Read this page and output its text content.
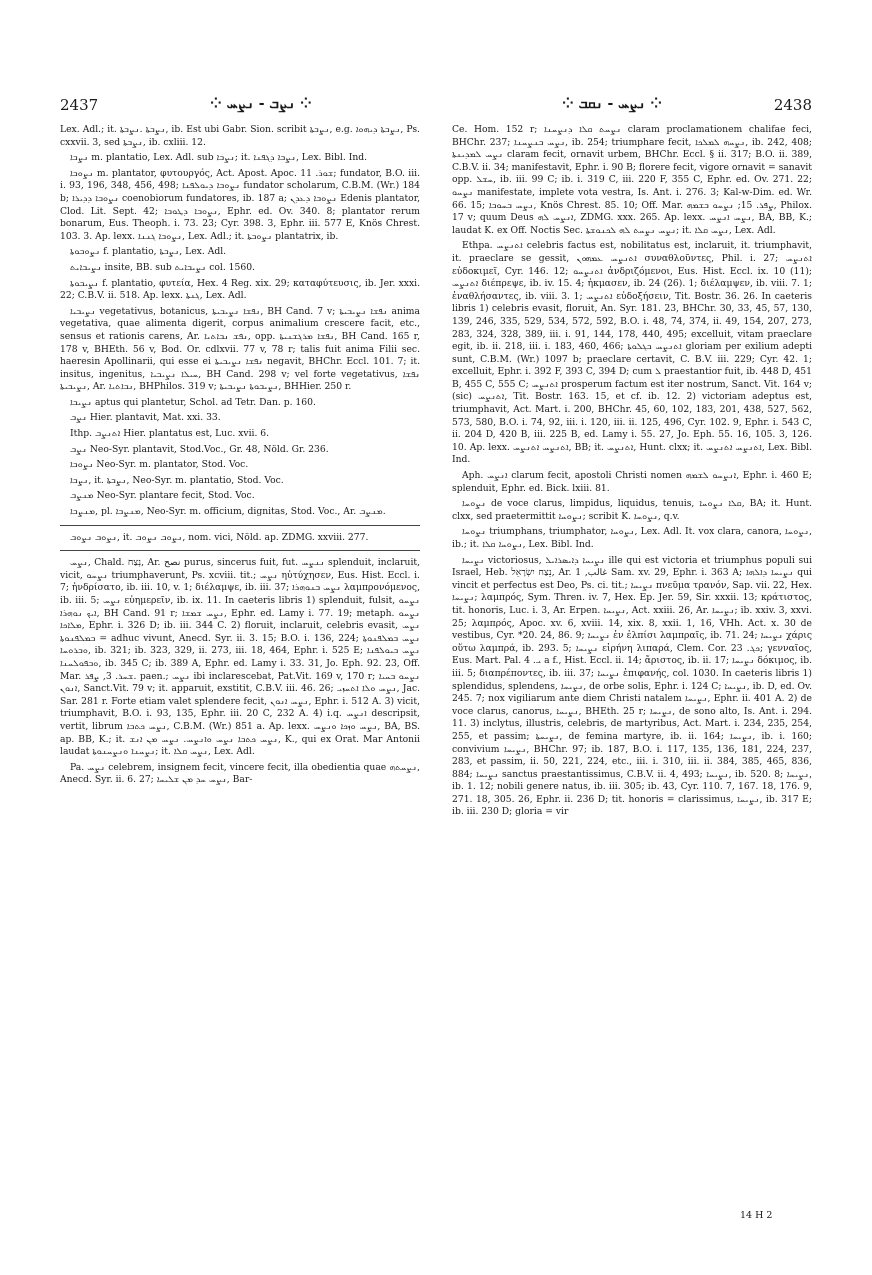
2437	⁘ ܢܨܒ - ܢܨܚ ⁘	⁘ ܢܨܚ - ܢܩܒ ⁘	2438

Lex. Adl.; it. ܢܨܒܬܐ .ܢܨܒܬܐ, ib. Est ubi Gabr. Sion. scribit ܢܨܒܬܐ, e.g. ܢܨܒܬܐ ܕܝܗܘܐ, Ps. cxxvii. 3, sed ܢܨܒܬܐ, ib. cxliii. 12.

ܢܨܒܐ m. plantatio, Lex. Adl. sub ܢܨܒܐ; it. ܢܨܒܐ ܕܓܦܢܐ, Lex. Bibl. Ind.

ܢܨܘܒܐ m. plantator, φυτουργός, Act. Apost. Apoc. ܫܘܪ. 11; fundator, B.O. iii. i. 93, 196, 348, 456, 498; ܢܨܘܒܐ ܕܝܘܠܦܢܐ fundator scholarum, C.B.M. (Wr.) 184 b; ܢܨܘܒܐ ܕܕܝܪܐ coenobiorum fundatores, ib. 187 a; ܢܨܘܒܐ ܕܥܕܢ Edenis plantator, Clod. Lit. Sept. 42; ܢܨܘܒܐ ܕܛܘܒܐ, Ephr. ed. Ov. 340. 8; plantator rerum bonarum, Eus. Theoph. i. 73. 23; Cyr. 398. 3, Ephr. iii. 577 E, Knös Chrest. 103. 3. Ap. lexx. ܢܨܘܒܐ ܓܢܢܐ, Lex. Adl.; it. ܢܨܘܒܬܐ plantatrix, ib.

ܢܨܘܒܘܬܐ f. plantatio, ܢܨܒܬܐ, Lex. Adl.

ܢܨܝܒܐܝܬ insite, BB. sub ܢܨܝܒܐܝܬ col. 1560.

ܢܨܝܒܘܬܐ f. plantatio, φυτεία, Hex. 4 Reg. xix. 29; καταφύτευσις, ib. Jer. xxxi. 22; C.B.V. ii. 518. Ap. lexx. ܓܢܬܐ, Lex. Adl.

ܢܨܝܒܝܐ vegetativus, botanicus, ܢܦܫܐ ܢܨܝܒܝܬܐ, BH Cand. 7 v; ܢܦܫܐ ܢܨܝܒܝܬܐ anima vegetativa, quae alimenta digerit, corpus animalium crescere facit, etc., sensus et rationis carens, Ar. ܢܦܫ ܢܒܐܬܝܐ, opp. ܢܦܫܐ ܡܪܓܫܢܝܬܐ, BH Cand. 165 r, 178 v, BHEth. 56 v, Bod. Or. cdlxvii. 77 v, 78 r; talis fuit anima Filii sec. haeresin Apollinarii, qui esse ei ܢܦܫܐ ܢܨܝܒܝܬܐ negavit, BHChr. Eccl. 101. 7; it. insitus, ingenitus, ܚܝܠܐ ܢܨܝܒܝܐ, BH Cand. 298 v; vel forte vegetativus, ܢܦܫܐ ܢܨܝܒܝܬܐ, Ar. ܢܒܐܬܝܐ, BHPhilos. 319 v; ܢܨܝܒܘܬܐ ܢܨܝܒܝܬܐ, BHHier. 250 r.

ܢܨܝܒܐ aptus qui plantetur, Schol. ad Tetr. Dan. p. 160.

ܢܨܒ Hier. plantavit, Mat. xxi. 33.

Ithp. ܐܬܢܨܒ Hier. plantatus est, Luc. xvii. 6.

ܢܨܒ Neo-Syr. plantavit, Stod.Voc., Gr. 48, Nöld. Gr. 236.

ܢܨܘܒܐ Neo-Syr. m. plantator, Stod. Voc.

ܢܨܒܐ, it. ܢܨܒܬܐ, Neo-Syr. m. plantatio, Stod. Voc.

ܡܢܨܒ Neo-Syr. plantare fecit, Stod. Voc.

ܡܢܨܒܐ, pl. ܡܢܨܒܐ, Neo-Syr. m. officium, dignitas, Stod. Voc., Ar. ܡܢܨܒ.

ܢܨܘܒ ܢܨܘܒ, it. ܢܨܘܒ ܢܨܘܒ, nom. vici, Nöld. ap. ZDMG. xxviii. 277.

ܢܨܚ, Chald. נְצַח, Ar. نصح purus, sincerus fuit, fut. ܢܢܨܚ splenduit, inclaruit, vicit, ܢܨܚܘ triumphaverunt, Ps. xcviii. tit.; ܢܨܚ ηὐτύχησεν, Eus. Hist. Eccl. i. 7; ἠνδρίσατο, ib. iii. 10, v. 1; διέλαμψε, ib. iii. 37; ܢܨܚ ܒܢܘܗܪܐ λαμπρονόμενος, ib. iii. 5; ܢܨܚ εὐημερεῖν, ib. ix. 11. In caeteris libris 1) splenduit, fulsit, ܢܨܚܘ ܐܝܟ ܢܘܗܪܐ, BH Cand. 91 r; ܢܨܚ ܫܡܫܐ, Ephr. ed. Lamy i. 77. 19; metaph. ܢܨܚܘ ܡܠܐܟܐ, Ephr. i. 326 D; ib. iii. 344 C. 2) floruit, inclaruit, celebris evasit, ܢܨܚ ܒܡܠܦܢܘܬܐ = adhuc vivunt, Anecd. Syr. ii. 3. 15; B.O. i. 136, 224; ܢܨܚ ܒܡܠܦܢܘܬܐ ܘܒܪܘܚܐ, ib. 321; ib. 323, 329, ii. 273, iii. 18, 464, Ephr. i. 525 E; ܢܨܚ ܒܝܘܠܦܢܐ ܘܒܦܘܠܚܢܐ, ib. 345 C; ib. 389 A, Ephr. ed. Lamy i. 33. 31, Jo. Eph. 92. 23, Off. Mar. ܫܚܪ. 3, ܨܦܪ. paen.; ܢܨܚ ibi inclarescebat, Pat.Vit. 169 v, 170 r; ܢܨܚܘ ܒܚܝܐ ܐܢܘܢ, Sanct.Vit. 79 v; it. apparuit, exstitit, C.B.V. iii. 46. 26; ܢܨܚ ܘܠܐ ܐܬܚܙܝ, Jac. Sar. 281 r. Forte etiam valet splendere fecit, ܢܨܚ ܐܢܘܢ, Ephr. i. 512 A. 3) vicit, triumphavit, B.O. i. 93, 135, Ephr. iii. 20 C, 232 A. 4) i.q. ܐܢܨܚ descripsit, vertit, librum ܢܨܚ ܟܬܒܐ, C.B.M. (Wr.) 851 a. Ap. lexx. ܢܨܚ ܘܙܟܐ ܘܢܨܚ, BA, BS. ap. BB, K.; it. ܢܨܚ ܟܬܒܐ ܢܨܚ ܘܐܢܨܚ. ܢܨܚ ܡܢ ܐܢܫ, K., qui ex Orat. Mar Antonii laudat ܢܨܚܢܐ ܘܢܨܚܢܘܬܐ; it. ܢܨܚ ܩܠܐ, Lex. Adl.

Pa. ܢܨܚ celebrem, insignem fecit, vincere fecit, illa obedientia quae ܢܨܚܬܗ, Anecd. Syr. ii. 6. 27; ܢܨܚ ܚܕ ܡܢ ܫܠܝܚܐ, Bar-

Ce. Hom. 152 r; ܢܨܚܬ ܩܠܐ ܕܢܨܚܢܐ claram proclamationem chalifae feci, BHChr. 237; ܢܨܚ ܒܢܨܚܢܐ, ib. 254; triumphare fecit, ܢܨܚܗ ܠܡܠܟܐ, ib. 242, 408; ܢܨܚ ܠܡܕܝܢܬܐ claram fecit, ornavit urbem, BHChr. Eccl. § ii. 317; B.O. ii. 389, C.B.V. ii. 34; manifestavit, Ephr. i. 90 B; florere fecit, vigore ornavit = sanavit opp. ܚܫܠ, ib. iii. 99 C; ib. i. 319 C, iii. 220 F, 355 C, Ephr. ed. Ov. 271. 22; ܢܨܚܘ manifestate, implete vota vestra, Is. Ant. i. 276. 3; Kal-w-Dim. ed. Wr. 66. 15; ܢܨܚ ܒܚܘܒܐ, Knös Chrest. 85. 10; Off. Mar. ܨܦܪ. 15; ܢܨܚܘ ܒܫܡܗ, Philox. 17 v; quum Deus ܐܢܨܚ ܠܗ, ZDMG. xxx. 265. Ap. lexx. ܢܨܚ ܐܢܨܚ, BA, BB, K.; laudat K. ex Off. Noctis Sec. ܢܨܚ ܢܨܚܬ ܠܗ ܠܟܢܘܫܬܐ; it. ܢܨܚ ܩܠܐ, Lex. Adl.

Ethpa. ܐܬܢܨܚ celebris factus est, nobilitatus est, inclaruit, it. triumphavit, it. praeclare se gessit, ܐܬܢܨܚ ܥܡܗܘܢ συναθλοῦντες, Phil. i. 27; ܐܬܢܨܚ εὐδοκιμεῖ, Cyr. 146. 12; ܐܬܢܨܚܘ ἀνδριζόμενοι, Eus. Hist. Eccl. ix. 10 (11); ܐܬܢܨܚ διέπρεψε, ib. iv. 15. 4; ἠκμασεν, ib. 24 (26). 1; διέλαμψεν, ib. viii. 7. 1; ἐναθλήσαντες, ib. viii. 3. 1; ܐܬܢܨܚ εὐδοξήσειν, Tit. Bostr. 36. 26. In caeteris libris 1) celebris evasit, floruit, An. Syr. 181. 23, BHChr. 30, 33, 45, 57, 130, 139, 246, 335, 529, 534, 572, 592, B.O. i. 48, 74, 374, ii. 49, 154, 207, 273, 283, 324, 328, 389, iii. i. 91, 144, 178, 440, 495; excelluit, vitam praeclare egit, ib. ii. 218, iii. i. 183, 460, 466; ܐܬܢܨܚ ܒܓܠܘܬܐ gloriam per exilium adepti sunt, C.B.M. (Wr.) 1097 b; praeclare certavit, C. B.V. iii. 229; Cyr. 42. 1; excelluit, Ephr. i. 392 F, 393 C, 394 D; cum ܠ praestantior fuit, ib. 448 D, 451 B, 455 C, 555 C; ܐܬܢܨܚ prosperum factum est iter nostrum, Sanct. Vit. 164 v; (sic) ܐܬܢܨܚ, Tit. Bostr. 163. 15, et cf. ib. 12. 2) victoriam adeptus est, triumphavit, Act. Mart. i. 200, BHChr. 45, 60, 102, 183, 201, 438, 527, 562, 573, 580, B.O. i. 74, 92, iii. i. 120, iii. ii. 125, 496, Cyr. 102. 9, Ephr. i. 543 C, ii. 204 D, 420 B, iii. 225 B, ed. Lamy i. 55. 27, Jo. Eph. 55. 16, 105. 3, 126. 10. Ap. lexx. ܐܬܢܨܚ ܐܬܢܨܚ, BB; it. ܐܬܢܨܚ, Hunt. clxx; it. ܐܬܢܨܚ ܐܬܢܨܚ, Lex. Bibl. Ind.

Aph. ܐܢܨܚ clarum fecit, apostoli Christi nomen ܐܢܨܚܘ ܠܫܡܗ, Ephr. i. 460 E; splenduit, Ephr. ed. Bick. lxiii. 81.

ܢܨܘܚܐ de voce clarus, limpidus, liquidus, tenuis, ܩܠܐ ܢܨܘܚܐ, BA; it. Hunt. clxx, sed praetermittit ܢܨܘܚܐ; scribit K. ܢܨܘܚܐ, q.v.

ܢܨܘܚܐ triumphans, triumphator, ܢܨܘܚܐ, Lex. Adl. It. vox clara, canora, ܢܨܘܚܐ, ib.; it. ܢܨܘܚܐ ܩܠܐ, Lex. Bibl. Ind.

ܢܨܝܚܐ victoriosus, ܢܨܝܚܐ ܕܐܝܣܪܐܝܠ ille qui est victoria et triumphus populi sui Israel, Heb. נֵצַח יִשְׂרָאֵל, Ar. غالب, 1 Sam. xv. 29, Ephr. i. 363 A; ܢܨܝܚܐ ܕܐܠܗܐ qui vincit et perfectus est Deo, Ps. ci. tit.; ܢܨܝܚܐ πνεῦμα τρανόν, Sap. vii. 22, Hex. ܢܨܝܚܐ; λαμπρός, Sym. Thren. iv. 7, Hex. Ep. Jer. 59, Sir. xxxii. 13; κράτιστος, tit. honoris, Luc. i. 3, Ar. Erpen. ܢܨܝܚܐ, Act. xxiii. 26, Ar. ܢܨܝܚܐ; ib. xxiv. 3, xxvi. 25; λαμπρός, Apoc. xv. 6, xviii. 14, xix. 8, xxii. 1, 16, VHh. Act. x. 30 de vestibus, Cyr. *20. 24, 86. 9; ܢܨܝܚܐ ἐν ἐλπίσι λαμπραῖς, ib. 71. 24; ܢܨܝܚܐ χάρις οὕτω λαμπρά, ib. 293. 5; ܢܨܝܚܐ εἰρήνη λιπαρά, Clem. Cor. ܟܓ. 23; γενναῖος, Eus. Mart. Pal. ܝ. 4 a f., Hist. Eccl. ii. 14; ἄριστος, ib. ii. 17; ܢܨܝܚܐ δόκιμος, ib. iii. 5; διαπρέποντες, ib. iii. 37; ܢܨܝܚܐ ἐπιφανής, col. 1030. In caeteris libris 1) splendidus, splendens, ܢܨܝܚܐ, de orbe solis, Ephr. i. 124 C; ܢܨܝܚܐ, ib. D, ed. Ov. 245. 7; nox vigiliarum ante diem Christi natalem ܢܨܝܚܐ, Ephr. ii. 401 A. 2) de voce clarus, canorus, ܢܨܝܚܐ, BHEth. 25 r; ܢܨܝܚܐ, de sono alto, Is. Ant. i. 294. 11. 3) inclytus, illustris, celebris, de martyribus, Act. Mart. i. 234, 235, 254, 255, et passim; ܢܨܝܚܬܐ, de femina martyre, ib. ii. 164; ܢܨܝܚܐ, ib. i. 160; convivium ܢܨܝܚܐ, BHChr. 97; ib. 187, B.O. i. 117, 135, 136, 181, 224, 237, 283, et passim, ii. 50, 221, 224, etc., iii. i. 310, iii. ii. 384, 385, 465, 836, 884; ܢܨܝܚܐ sanctus praestantissimus, C.B.V. ii. 4, 493; ܢܨܝܚܐ, ib. 520. 8; ܢܨܝܚܐ, ib. 1. 12; nobili genere natus, ib. iii. 305; ib. 43, Cyr. 110. 7, 167. 18, 176. 9, 271. 18, 305. 26, Ephr. ii. 236 D; tit. honoris = clarissimus, ܢܨܝܚܐ, ib. 317 E; ib. iii. 230 D; gloria = vir

14 H 2
